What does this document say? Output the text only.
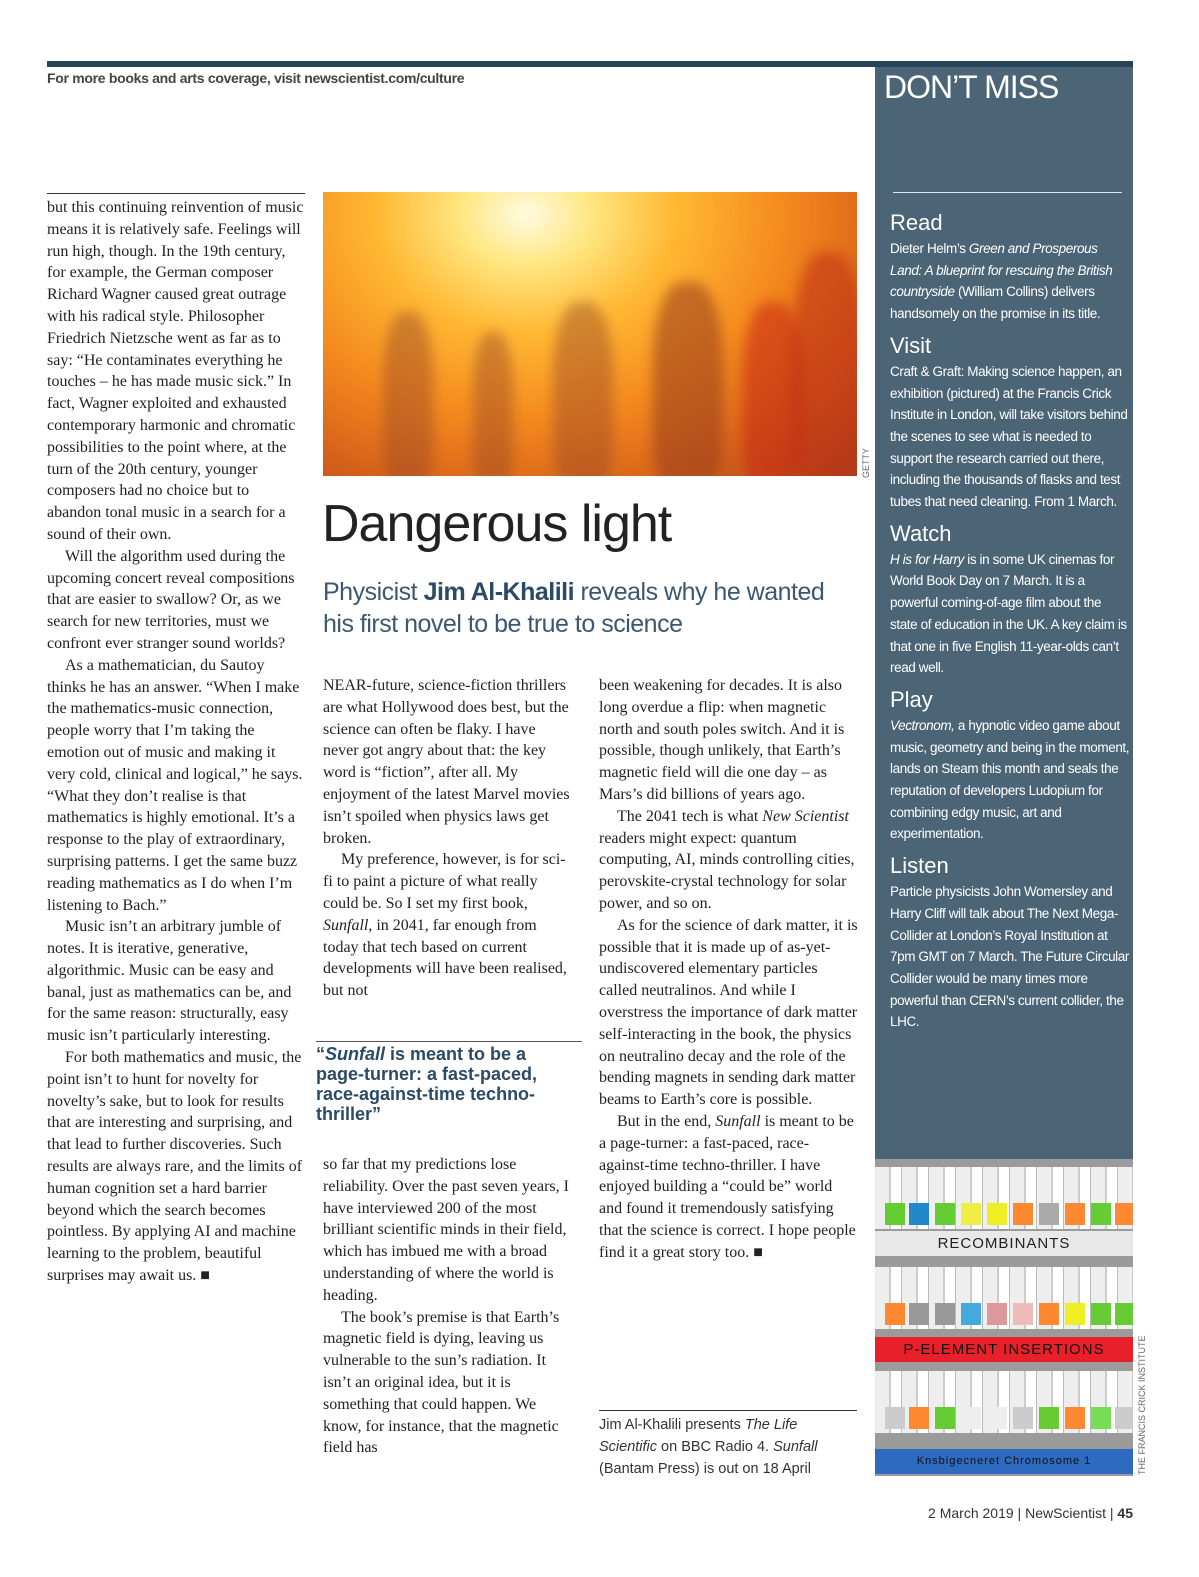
For more books and arts coverage, visit newscientist.com/culture

but this continuing reinvention of music means it is relatively safe. Feelings will run high, though. In the 19th century, for example, the German composer Richard Wagner caused great outrage with his radical style. Philosopher Friedrich Nietzsche went as far as to say: “He contaminates everything he touches – he has made music sick.” In fact, Wagner exploited and exhausted contemporary harmonic and chromatic possibilities to the point where, at the turn of the 20th century, younger composers had no choice but to abandon tonal music in a search for a sound of their own.

Will the algorithm used during the upcoming concert reveal compositions that are easier to swallow? Or, as we search for new territories, must we confront ever stranger sound worlds?

As a mathematician, du Sautoy thinks he has an answer. “When I make the mathematics-music connection, people worry that I’m taking the emotion out of music and making it very cold, clinical and logical,” he says. “What they don’t realise is that mathematics is highly emotional. It’s a response to the play of extraordinary, surprising patterns. I get the same buzz reading mathematics as I do when I’m listening to Bach.”

Music isn’t an arbitrary jumble of notes. It is iterative, generative, algorithmic. Music can be easy and banal, just as mathematics can be, and for the same reason: structurally, easy music isn’t particularly interesting.

For both mathematics and music, the point isn’t to hunt for novelty for novelty’s sake, but to look for results that are interesting and surprising, and that lead to further discoveries. Such results are always rare, and the limits of human cognition set a hard barrier beyond which the search becomes pointless. By applying AI and machine learning to the problem, beautiful surprises may await us. ■

GETTY
Dangerous light
Physicist Jim Al-Khalili reveals why he wanted his first novel to be true to science

NEAR-future, science-fiction thrillers are what Hollywood does best, but the science can often be flaky. I have never got angry about that: the key word is “fiction”, after all. My enjoyment of the latest Marvel movies isn’t spoiled when physics laws get broken.

My preference, however, is for sci-fi to paint a picture of what really could be. So I set my first book, Sunfall, in 2041, far enough from today that tech based on current developments will have been realised, but not

“Sunfall is meant to be a page-turner: a fast-paced, race-against-time techno-thriller”

so far that my predictions lose reliability. Over the past seven years, I have interviewed 200 of the most brilliant scientific minds in their field, which has imbued me with a broad understanding of where the world is heading.

The book’s premise is that Earth’s magnetic field is dying, leaving us vulnerable to the sun’s radiation. It isn’t an original idea, but it is something that could happen. We know, for instance, that the magnetic field has

been weakening for decades. It is also long overdue a flip: when magnetic north and south poles switch. And it is possible, though unlikely, that Earth’s magnetic field will die one day – as Mars’s did billions of years ago.

The 2041 tech is what New Scientist readers might expect: quantum computing, AI, minds controlling cities, perovskite-crystal technology for solar power, and so on.

As for the science of dark matter, it is possible that it is made up of as-yet-undiscovered elementary particles called neutralinos. And while I overstress the importance of dark matter self-interacting in the book, the physics on neutralino decay and the role of the bending magnets in sending dark matter beams to Earth’s core is possible.

But in the end, Sunfall is meant to be a page-turner: a fast-paced, race-against-time techno-thriller. I have enjoyed building a “could be” world and found it tremendously satisfying that the science is correct. I hope people find it a great story too. ■

Jim Al-Khalili presents The Life Scientific on BBC Radio 4. Sunfall (Bantam Press) is out on 18 April
DON’T MISS
Read

Dieter Helm’s Green and Prosperous Land: A blueprint for rescuing the British countryside (William Collins) delivers handsomely on the promise in its title.

Visit

Craft & Graft: Making science happen, an exhibition (pictured) at the Francis Crick Institute in London, will take visitors behind the scenes to see what is needed to support the research carried out there, including the thousands of flasks and test tubes that need cleaning. From 1 March.

Watch

H is for Harry is in some UK cinemas for World Book Day on 7 March. It is a powerful coming-of-age film about the state of education in the UK. A key claim is that one in five English 11-year-olds can’t read well.

Play

Vectronom, a hypnotic video game about music, geometry and being in the moment, lands on Steam this month and seals the reputation of developers Ludopium for combining edgy music, art and experimentation.

Listen

Particle physicists John Womersley and Harry Cliff will talk about The Next Mega-Collider at London’s Royal Institution at 7pm GMT on 7 March. The Future Circular Collider would be many times more powerful than CERN’s current collider, the LHC.

RECOMBINANTS
P-ELEMENT INSERTIONS
Knsbigecneret Chromosome 1	THE FRANCIS CRICK INSTITUTE
2 March 2019 | NewScientist | 45
